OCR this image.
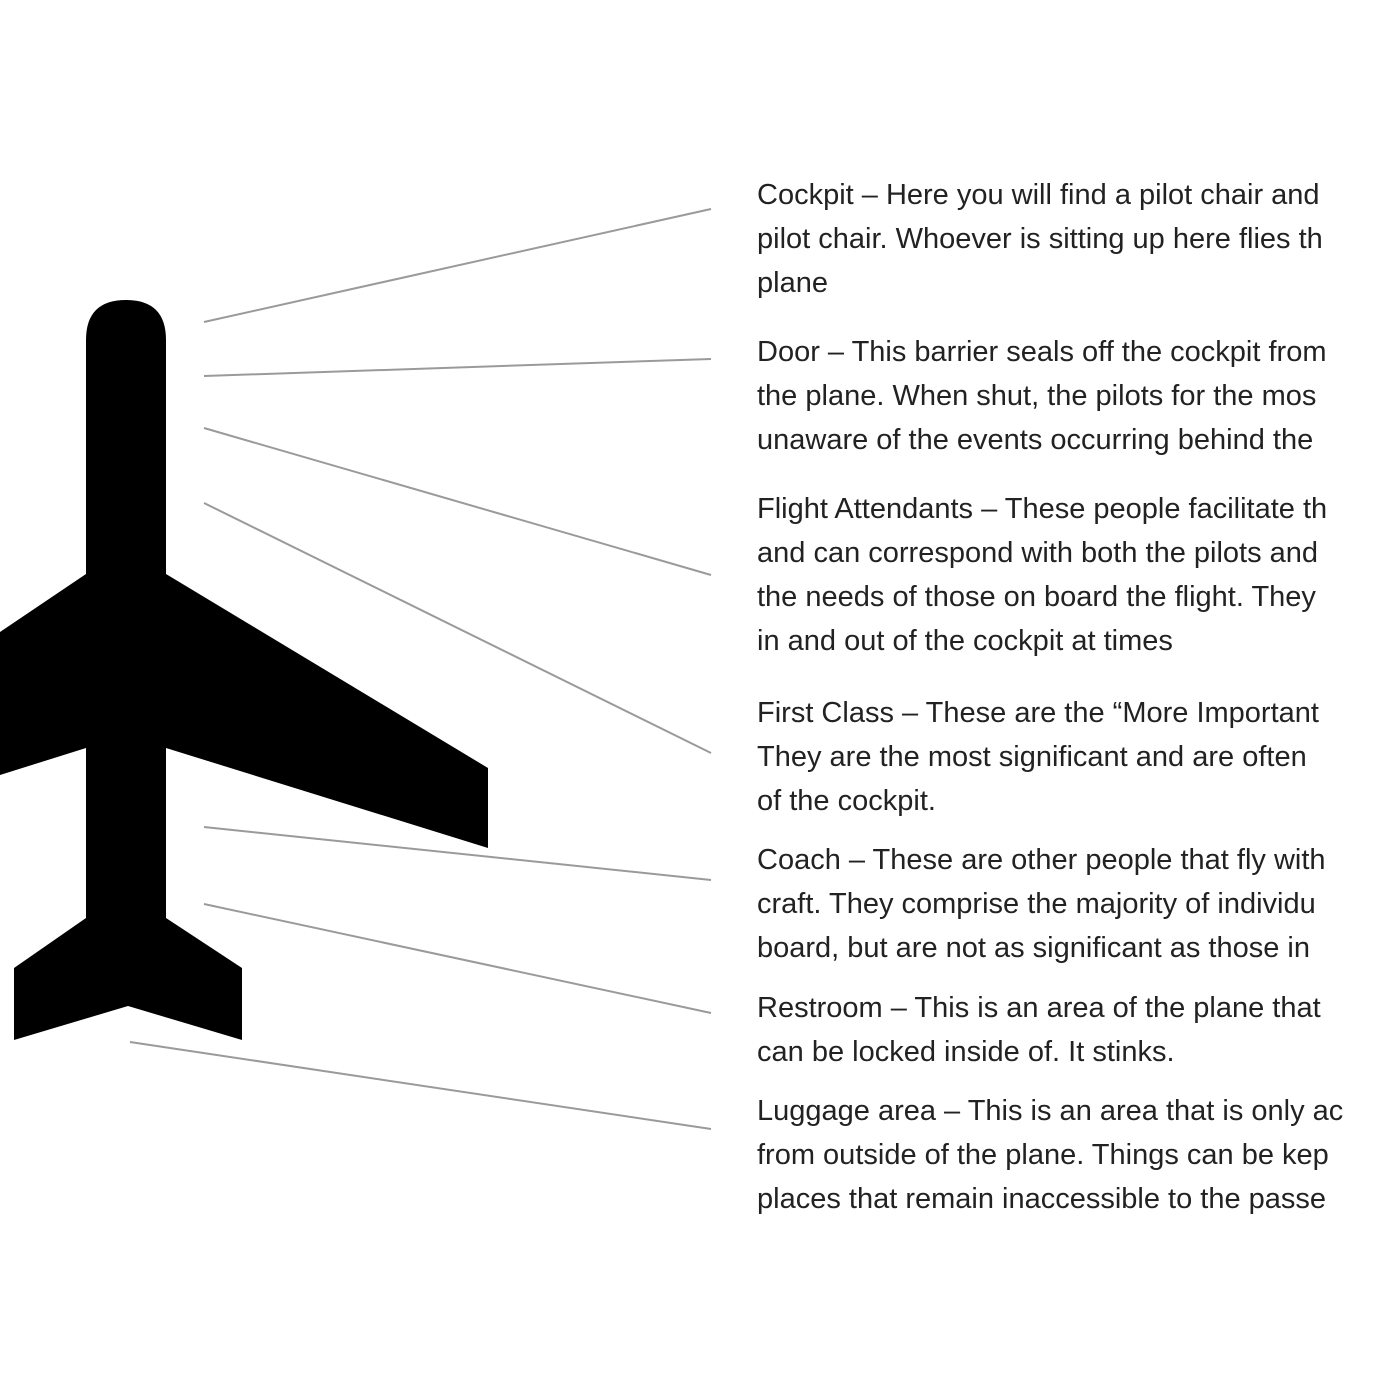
Cockpit – Here you will find a pilot chair and
pilot chair. Whoever is sitting up here flies th
plane
Door – This barrier seals off the cockpit from
the plane. When shut, the pilots for the mos
unaware of the events occurring behind the
Flight Attendants – These people facilitate th
and can correspond with both the pilots and
the needs of those on board the flight. They
in and out of the cockpit at times
First Class – These are the “More Important
They are the most significant and are often
of the cockpit.
Coach – These are other people that fly with
craft. They comprise the majority of individu
board, but are not as significant as those in
Restroom – This is an area of the plane that
can be locked inside of. It stinks.
Luggage area – This is an area that is only ac
from outside of the plane. Things can be kep
places that remain inaccessible to the passe
